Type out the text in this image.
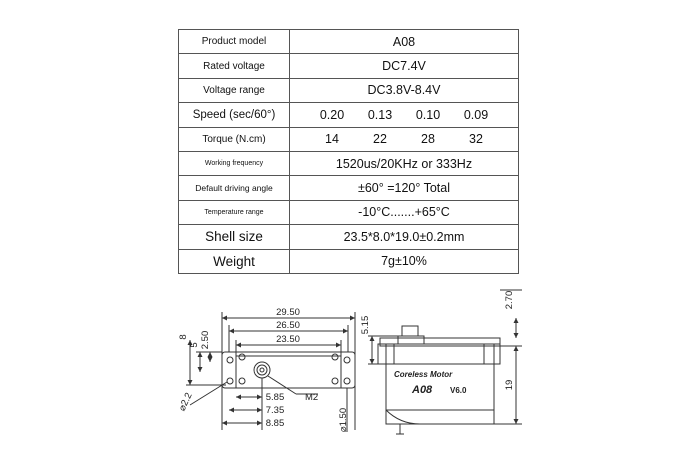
Product model	A08
Rated voltage	DC7.4V
Voltage range	DC3.8V-8.4V
Speed (sec/60°)	0.20 0.13 0.10 0.09

Torque (N.cm)	14 22 28 32

Working frequency	1520us/20KHz or 333Hz
Default driving angle	±60° =120° Total
Temperature range	-10°C.......+65°C
Shell size	23.5*8.0*19.0±0.2mm
Weight	7g±10%
29.50
26.50
23.50
8
5 2.50
⌀2.2	5.85
7.35
8.85
M2
⌀1.50
5.15
2.70
19
Coreless Motor
A08 V6.0
